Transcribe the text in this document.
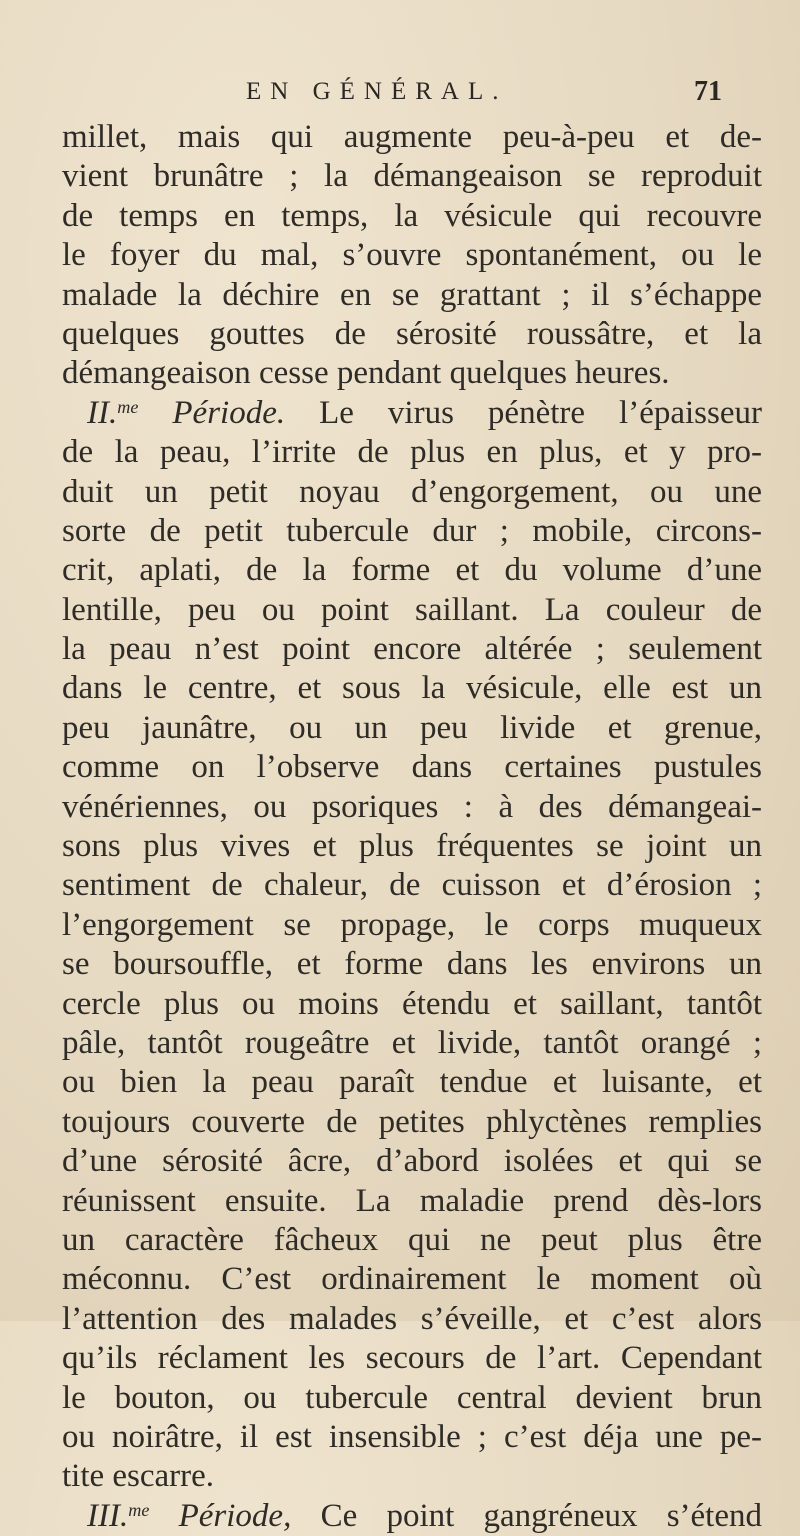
EN GÉNÉRAL.	71
millet, mais qui augmente peu-à-peu et de-
vient brunâtre ; la démangeaison se reproduit
de temps en temps, la vésicule qui recouvre
le foyer du mal, s’ouvre spontanément, ou le
malade la déchire en se grattant ; il s’échappe
quelques gouttes de sérosité roussâtre, et la
démangeaison cesse pendant quelques heures.
II.$^{me}$ Période. Le virus pénètre l’épaisseur
de la peau, l’irrite de plus en plus, et y pro-
duit un petit noyau d’engorgement, ou une
sorte de petit tubercule dur ; mobile, circons-
crit, aplati, de la forme et du volume d’une
lentille, peu ou point saillant. La couleur de
la peau n’est point encore altérée ; seulement
dans le centre, et sous la vésicule, elle est un
peu jaunâtre, ou un peu livide et grenue,
comme on l’observe dans certaines pustules
vénériennes, ou psoriques : à des démangeai-
sons plus vives et plus fréquentes se joint un
sentiment de chaleur, de cuisson et d’érosion ;
l’engorgement se propage, le corps muqueux
se boursouffle, et forme dans les environs un
cercle plus ou moins étendu et saillant, tantôt
pâle, tantôt rougeâtre et livide, tantôt orangé ;
ou bien la peau paraît tendue et luisante, et
toujours couverte de petites phlyctènes remplies
d’une sérosité âcre, d’abord isolées et qui se
réunissent ensuite. La maladie prend dès-lors
un caractère fâcheux qui ne peut plus être
méconnu. C’est ordinairement le moment où
l’attention des malades s’éveille, et c’est alors
qu’ils réclament les secours de l’art. Cependant
le bouton, ou tubercule central devient brun
ou noirâtre, il est insensible ; c’est déja une pe-
tite escarre.
III.$^{me}$ Période, Ce point gangréneux s’étend
